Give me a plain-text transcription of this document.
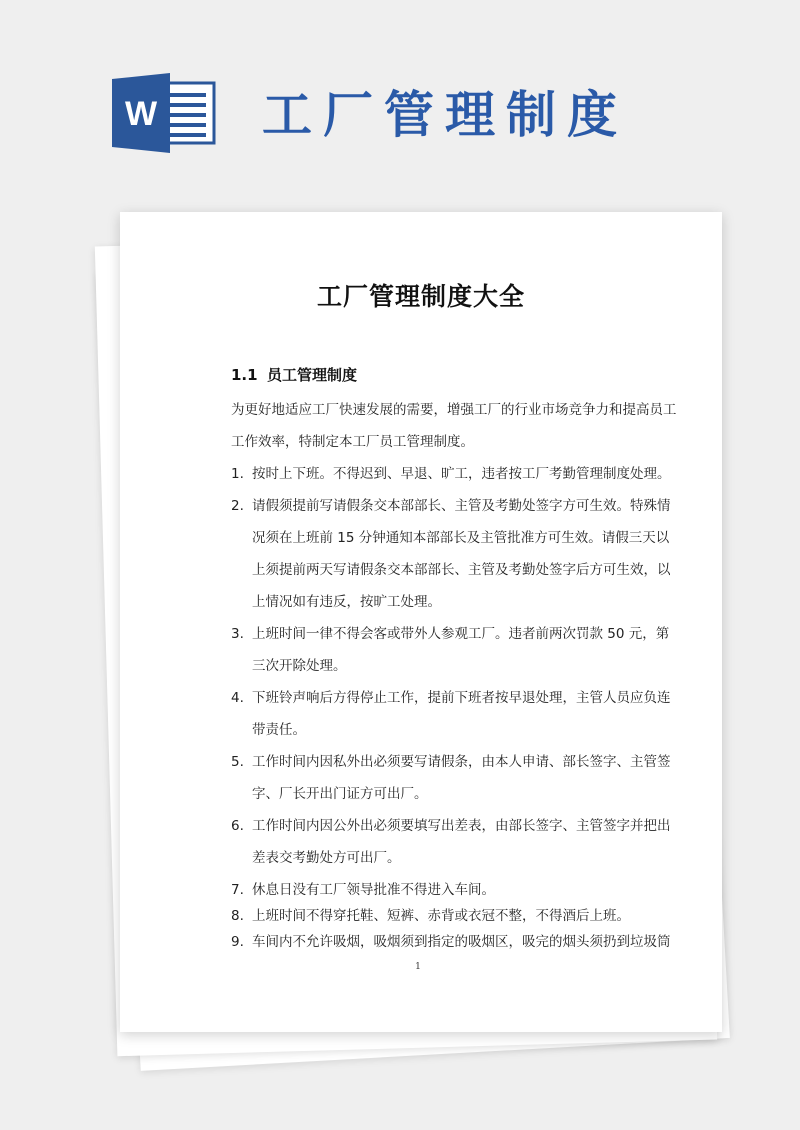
W 工厂管理制度
工厂管理制度大全
1.1 员工管理制度
为更好地适应工厂快速发展的需要，增强工厂的行业市场竞争力和提高员工
工作效率，特制定本工厂员工管理制度。
1. 按时上下班。不得迟到、早退、旷工，违者按工厂考勤管理制度处理。
2. 请假须提前写请假条交本部部长、主管及考勤处签字方可生效。特殊情
况须在上班前 15 分钟通知本部部长及主管批准方可生效。请假三天以
上须提前两天写请假条交本部部长、主管及考勤处签字后方可生效，以
上情况如有违反，按旷工处理。
3. 上班时间一律不得会客或带外人参观工厂。违者前两次罚款 50 元，第
三次开除处理。
4. 下班铃声响后方得停止工作，提前下班者按早退处理，主管人员应负连
带责任。
5. 工作时间内因私外出必须要写请假条，由本人申请、部长签字、主管签
字、厂长开出门证方可出厂。
6. 工作时间内因公外出必须要填写出差表，由部长签字、主管签字并把出
差表交考勤处方可出厂。
7. 休息日没有工厂领导批准不得进入车间。
8. 上班时间不得穿托鞋、短裤、赤背或衣冠不整，不得酒后上班。
9. 车间内不允许吸烟，吸烟须到指定的吸烟区，吸完的烟头须扔到垃圾筒
1
